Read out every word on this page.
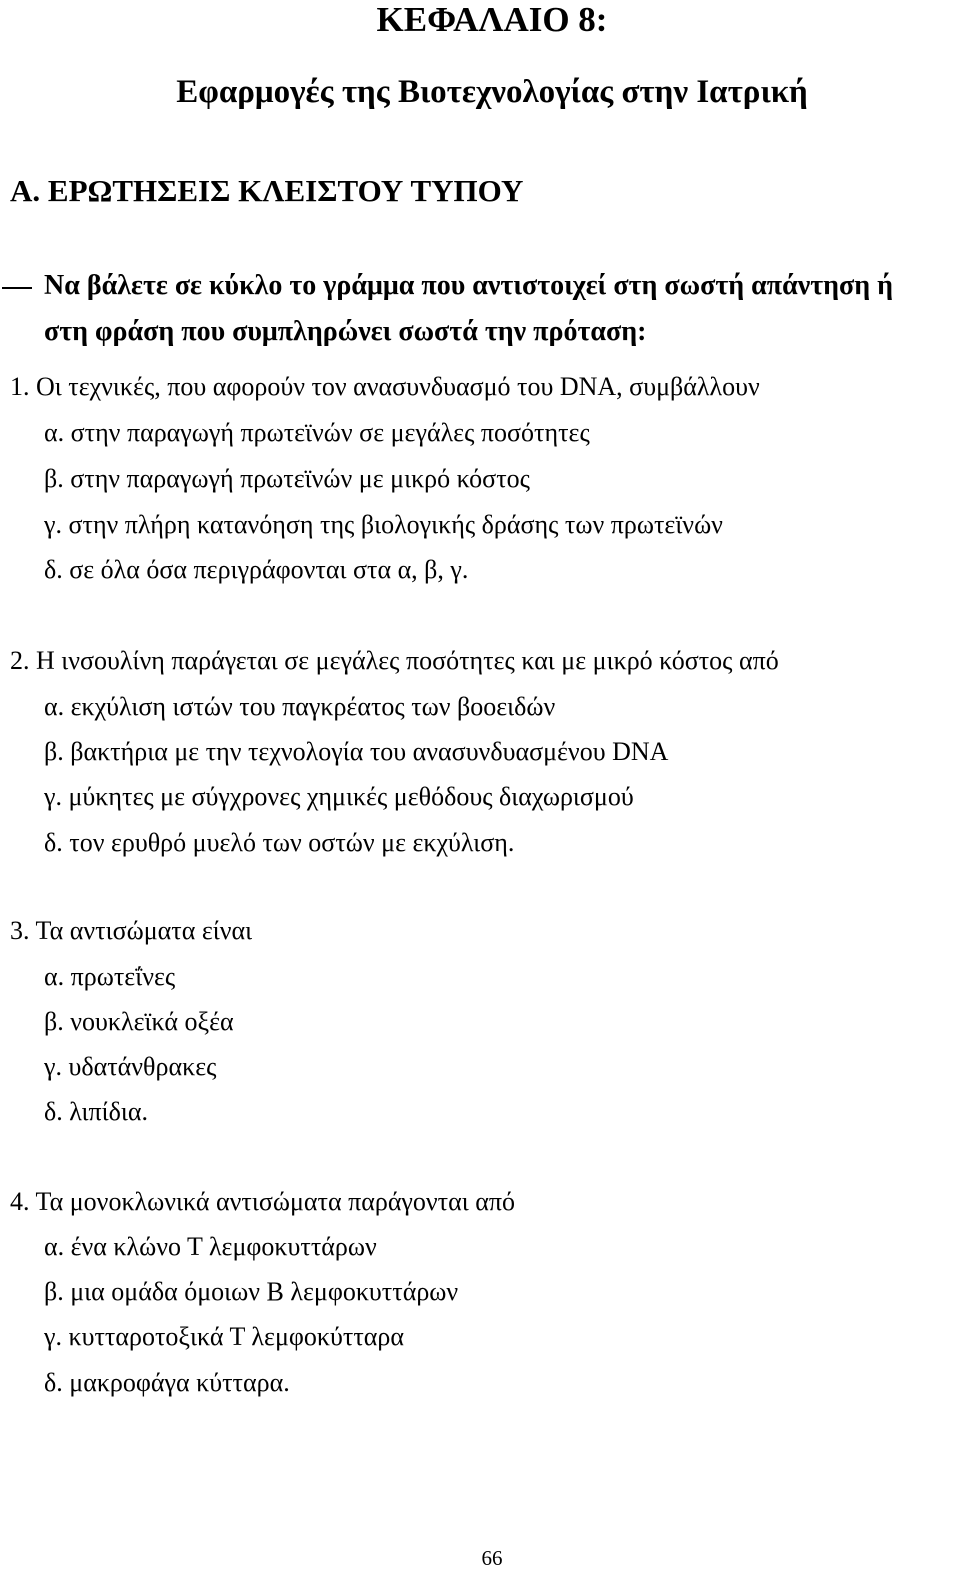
ΚΕΦΑΛΑΙΟ 8:
Εφαρμογές της Βιοτεχνολογίας στην Ιατρική
Α. ΕΡΩΤΗΣΕΙΣ ΚΛΕΙΣΤΟΥ ΤΥΠΟΥ
Να βάλετε σε κύκλο το γράμμα που αντιστοιχεί στη σωστή απάντηση ή
στη φράση που συμπληρώνει σωστά την πρόταση:
1. Οι τεχνικές, που αφορούν τον ανασυνδυασμό του DNA, συμβάλλουν
α. στην παραγωγή πρωτεϊνών σε μεγάλες ποσότητες
β. στην παραγωγή πρωτεϊνών με μικρό κόστος
γ. στην πλήρη κατανόηση της βιολογικής δράσης των πρωτεϊνών
δ. σε όλα όσα περιγράφονται στα α, β, γ.
2. Η ινσουλίνη παράγεται σε μεγάλες ποσότητες και με μικρό κόστος από
α. εκχύλιση ιστών του παγκρέατος των βοοειδών
β. βακτήρια με την τεχνολογία του ανασυνδυασμένου DNA
γ. μύκητες με σύγχρονες χημικές μεθόδους διαχωρισμού
δ. τον ερυθρό μυελό των οστών με εκχύλιση.
3. Τα αντισώματα είναι
α. πρωτεΐνες
β. νουκλεϊκά οξέα
γ. υδατάνθρακες
δ. λιπίδια.
4. Τα μονοκλωνικά αντισώματα παράγονται από
α. ένα κλώνο Τ λεμφοκυττάρων
β. μια ομάδα όμοιων Β λεμφοκυττάρων
γ. κυτταροτοξικά Τ λεμφοκύτταρα
δ. μακροφάγα κύτταρα.
66
